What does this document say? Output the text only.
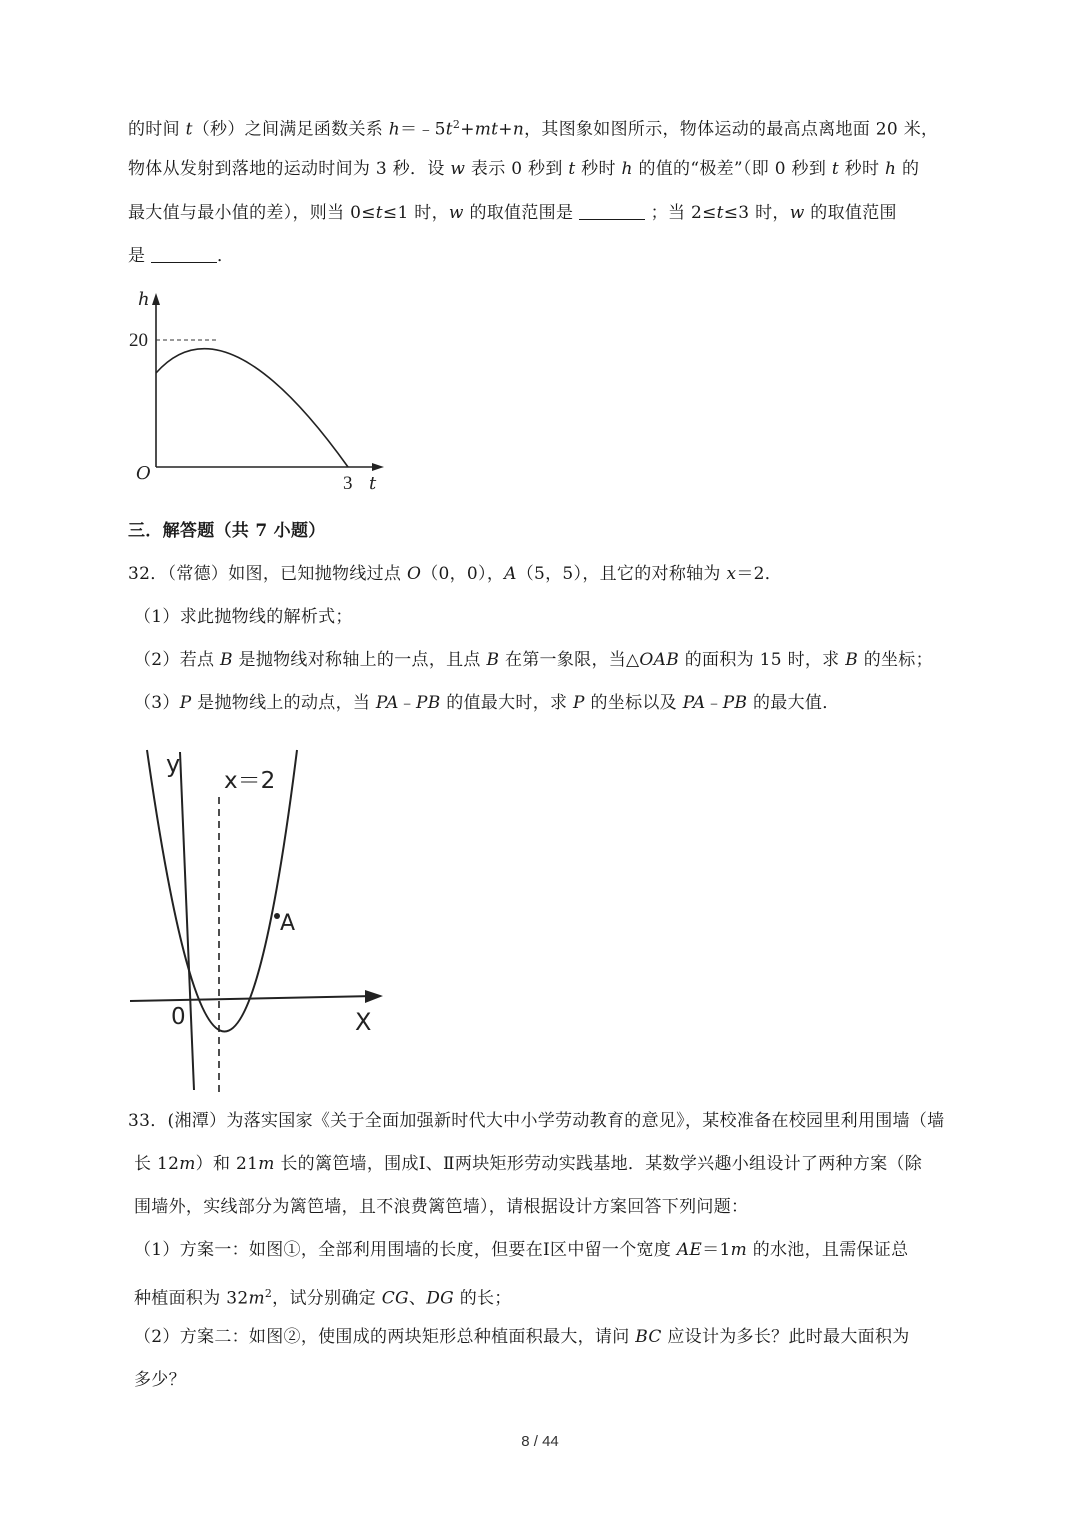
的时间 t（秒）之间满足函数关系 $h=﹣5t^2+mt+n$，其图象如图所示，物体运动的最高点离地面 20 米，
物体从发射到落地的运动时间为 3 秒．设 w 表示 0 秒到 t 秒时 h 的值的“极差”（即 0 秒到 t 秒时 h 的
最大值与最小值的差），则当 0≤t≤1 时，w 的取值范围是	；当 2≤t≤3 时，w 的取值范围
是	．
h
20
O	3 t
三．解答题（共 7 小题）
32．（常德）如图，已知抛物线过点 O（0，0），A（5，5），且它的对称轴为 x＝2．
（1）求此抛物线的解析式；
（2）若点 B 是抛物线对称轴上的一点，且点 B 在第一象限，当△OAB 的面积为 15 时，求 B 的坐标；
（3）P 是抛物线上的动点，当 PA﹣PB 的值最大时，求 P 的坐标以及 PA﹣PB 的最大值．
y
x＝2
A
0	X
33．(湘潭）为落实国家《关于全面加强新时代大中小学劳动教育的意见》，某校准备在校园里利用围墙（墙
长 12m）和 21m 长的篱笆墙，围成Ⅰ、Ⅱ两块矩形劳动实践基地．某数学兴趣小组设计了两种方案（除
围墙外，实线部分为篱笆墙，且不浪费篱笆墙），请根据设计方案回答下列问题：
（1）方案一：如图①，全部利用围墙的长度，但要在Ⅰ区中留一个宽度 AE＝1m 的水池，且需保证总
种植面积为 $32m^2$，试分别确定 CG、DG 的长；
（2）方案二：如图②，使围成的两块矩形总种植面积最大，请问 BC 应设计为多长？此时最大面积为
多少？
8 / 44
